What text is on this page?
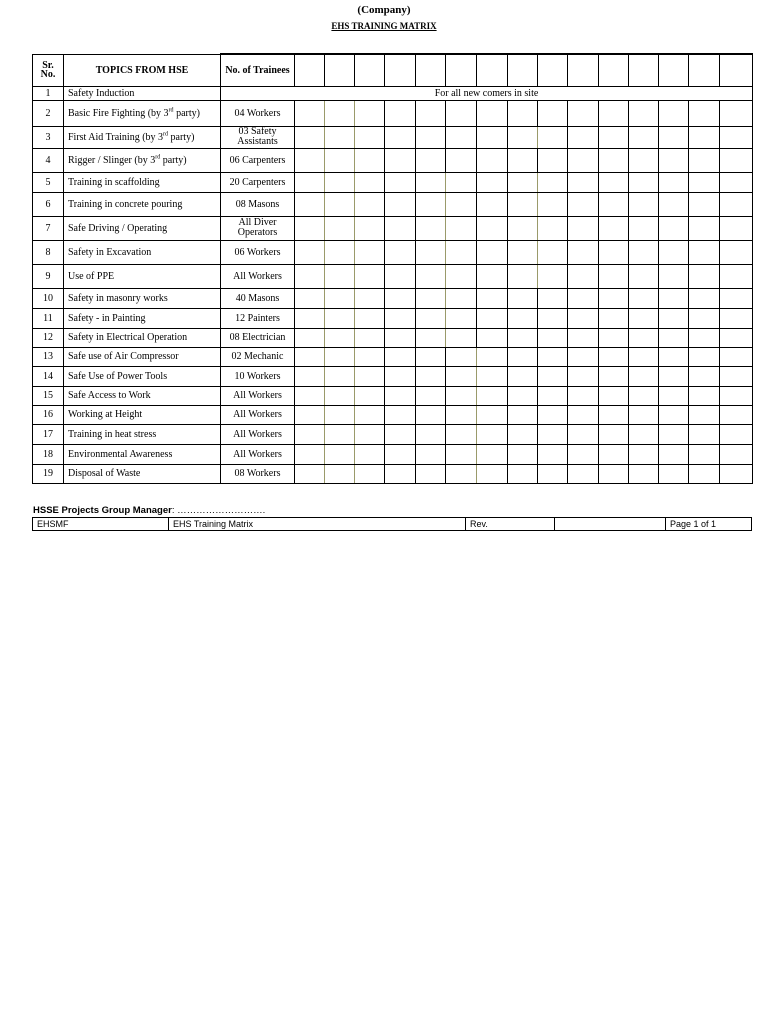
(Company)
EHS TRAINING MATRIX

Sr.
No.	TOPICS FROM HSE	No. of Trainees															
1	Safety Induction	For all new comers in site															
2	Basic Fire Fighting (by 3rd party)	04 Workers															
3	First Aid Training (by 3rd party)	03 Safety Assistants															
4	Rigger / Slinger (by 3rd party)	06 Carpenters															
5	Training in scaffolding	20 Carpenters															
6	Training in concrete pouring	08 Masons															
7	Safe Driving / Operating	All Diver Operators															
8	Safety in Excavation	06 Workers															
9	Use of PPE	All Workers															
10	Safety in masonry works	40 Masons															
11	Safety - in Painting	12 Painters															
12	Safety in Electrical Operation	08 Electrician															
13	Safe use of Air Compressor	02 Mechanic															
14	Safe Use of Power Tools	10 Workers															
15	Safe Access to Work	All Workers															
16	Working at Height	All Workers															
17	Training in heat stress	All Workers															
18	Environmental Awareness	All Workers															
19	Disposal of Waste	08 Workers															
HSSE Projects Group Manager: ……………………….
EHSMF	EHS Training Matrix	Rev.		Page 1 of 1
